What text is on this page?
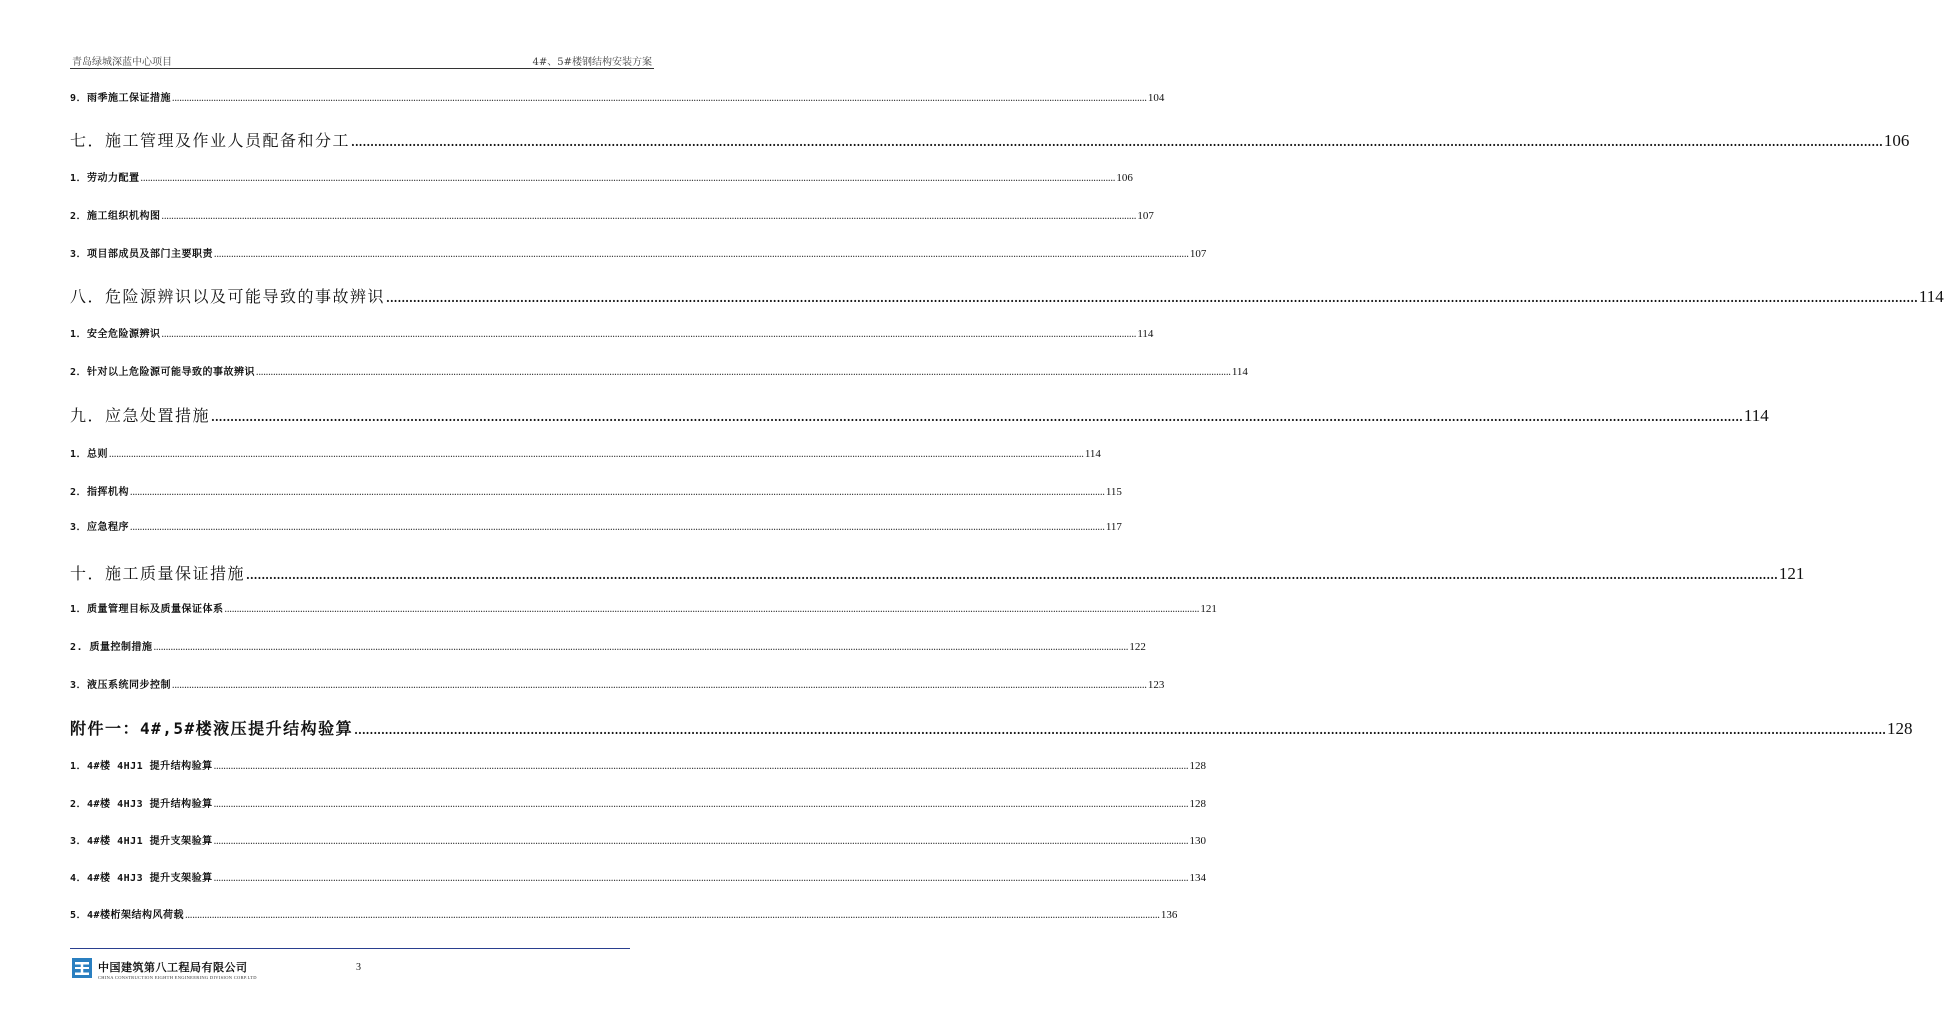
青岛绿城深蓝中心项目	4#、5#楼钢结构安装方案
9．雨季施工保证措施 ................................................................................................................................................................................................................................................................................................................................................................................................................ 104
七．施工管理及作业人员配备和分工 ................................................................................................................................................................................................................................................................................................................................................................................................................ 106
1．劳动力配置 ................................................................................................................................................................................................................................................................................................................................................................................................................ 106
2．施工组织机构图 ................................................................................................................................................................................................................................................................................................................................................................................................................ 107
3．项目部成员及部门主要职责 ................................................................................................................................................................................................................................................................................................................................................................................................................ 107
八．危险源辨识以及可能导致的事故辨识 ................................................................................................................................................................................................................................................................................................................................................................................................................ 114
1．安全危险源辨识 ................................................................................................................................................................................................................................................................................................................................................................................................................ 114
2．针对以上危险源可能导致的事故辨识 ................................................................................................................................................................................................................................................................................................................................................................................................................ 114
九．应急处置措施 ................................................................................................................................................................................................................................................................................................................................................................................................................ 114
1．总则 ................................................................................................................................................................................................................................................................................................................................................................................................................ 114
2．指挥机构 ................................................................................................................................................................................................................................................................................................................................................................................................................ 115
3．应急程序 ................................................................................................................................................................................................................................................................................................................................................................................................................ 117
十．施工质量保证措施 ................................................................................................................................................................................................................................................................................................................................................................................................................ 121
1．质量管理目标及质量保证体系 ................................................................................................................................................................................................................................................................................................................................................................................................................ 121
2. 质量控制措施 ................................................................................................................................................................................................................................................................................................................................................................................................................ 122
3．液压系统同步控制 ................................................................................................................................................................................................................................................................................................................................................................................................................ 123
附件一：4#,5#楼液压提升结构验算 ................................................................................................................................................................................................................................................................................................................................................................................................................ 128
1．4#楼 4HJ1 提升结构验算 ................................................................................................................................................................................................................................................................................................................................................................................................................ 128
2．4#楼 4HJ3 提升结构验算 ................................................................................................................................................................................................................................................................................................................................................................................................................ 128
3．4#楼 4HJ1 提升支架验算 ................................................................................................................................................................................................................................................................................................................................................................................................................ 130
4．4#楼 4HJ3 提升支架验算 ................................................................................................................................................................................................................................................................................................................................................................................................................ 134
5．4#楼桁架结构风荷载 ................................................................................................................................................................................................................................................................................................................................................................................................................ 136
中国建筑第八工程局有限公司
CHINA CONSTRUCTION EIGHTH ENGINEERING DIVISION CORP.LTD
3
